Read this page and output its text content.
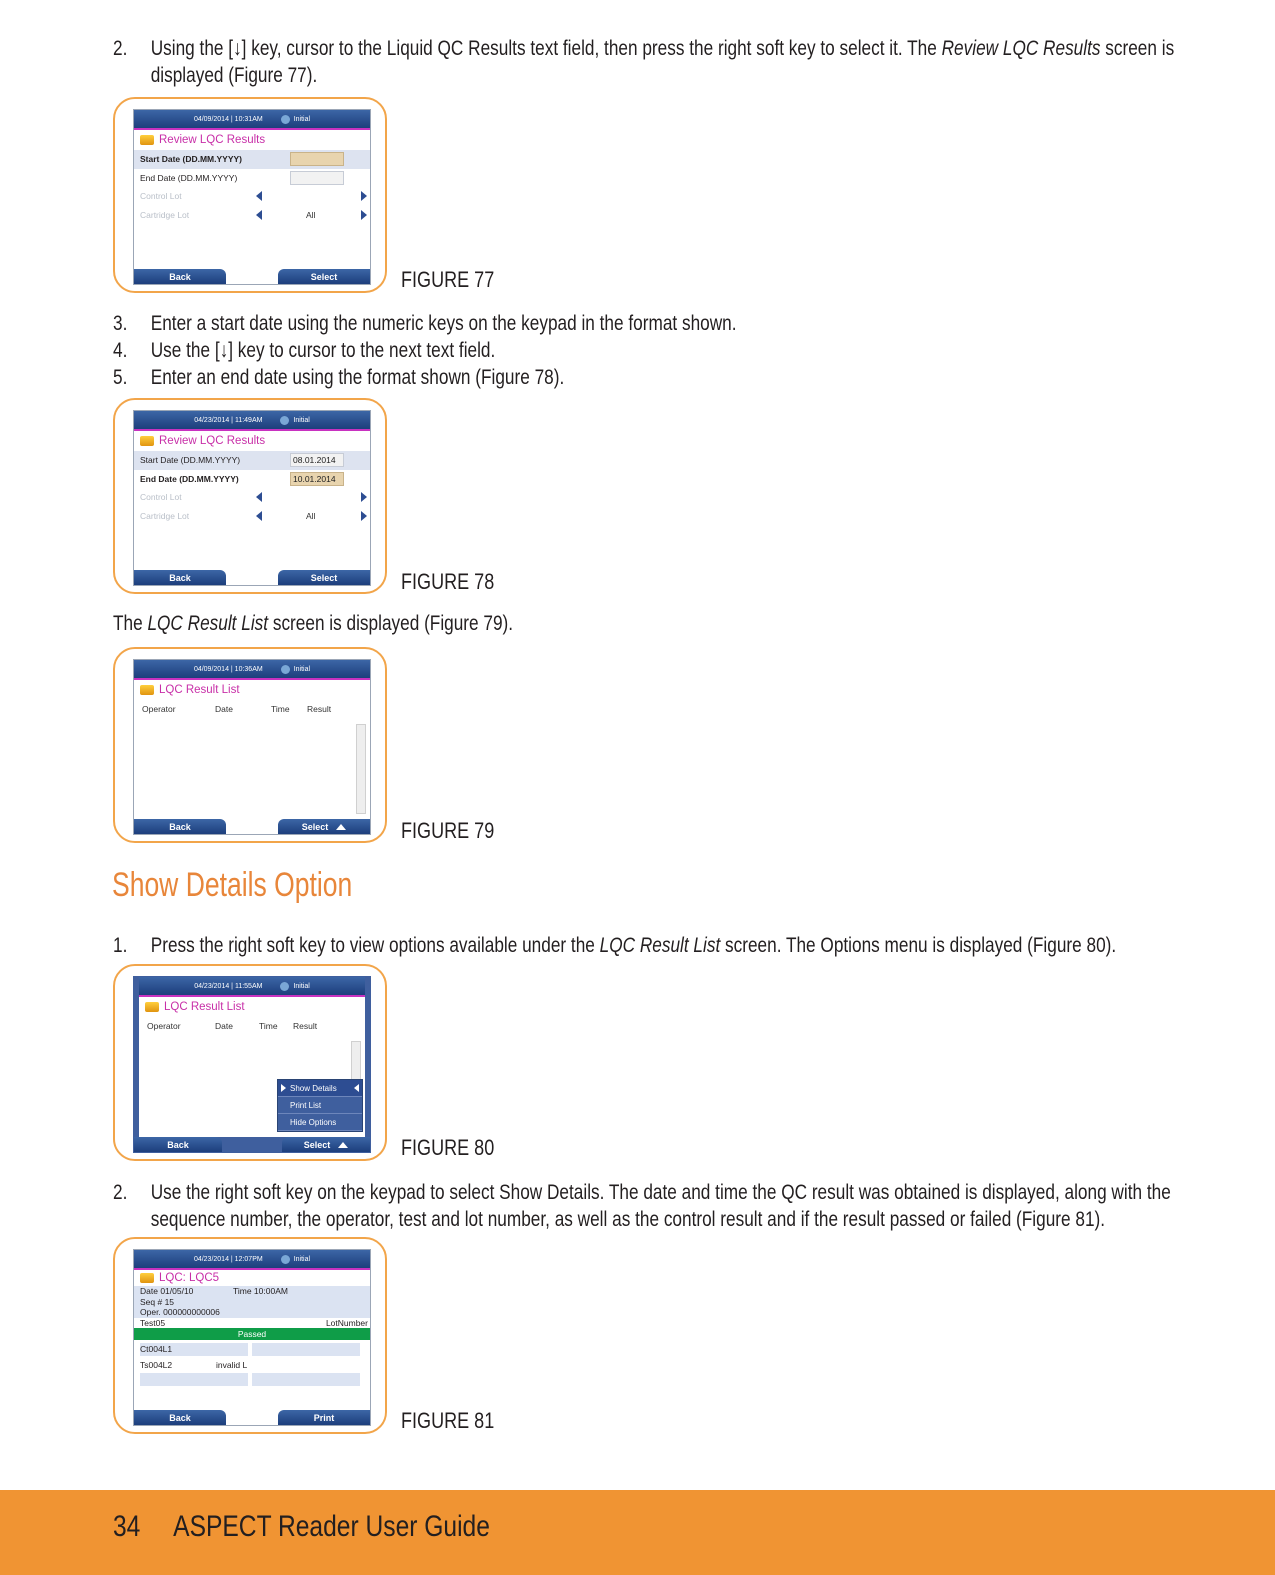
2. Using the [↓] key, cursor to the Liquid QC Results text field, then press the right soft key to select it. The Review LQC Results screen is
displayed (Figure 77).
04/09/2014 | 10:31AM	Initial
Review LQC Results
Start Date (DD.MM.YYYY)
End Date (DD.MM.YYYY)
Control Lot
Cartridge Lot	All
Back	Select	FIGURE 77
3. Enter a start date using the numeric keys on the keypad in the format shown.
4. Use the [↓] key to cursor to the next text field.
5. Enter an end date using the format shown (Figure 78).
04/23/2014 | 11:49AM	Initial
Review LQC Results
Start Date (DD.MM.YYYY)	08.01.2014
End Date (DD.MM.YYYY)	10.01.2014
Control Lot
Cartridge Lot	All
Back	Select	FIGURE 78
The LQC Result List screen is displayed (Figure 79).
04/09/2014 | 10:36AM	Initial
LQC Result List
Operator	Date	Time	Result
Back	Select	FIGURE 79
Show Details Option
1. Press the right soft key to view options available under the LQC Result List screen. The Options menu is displayed (Figure 80).
04/23/2014 | 11:55AM	Initial
LQC Result List
Operator	Date	Time	Result
Show Details
Print List
Hide Options
Back	Select	FIGURE 80
2. Use the right soft key on the keypad to select Show Details. The date and time the QC result was obtained is displayed, along with the
sequence number, the operator, test and lot number, as well as the control result and if the result passed or failed (Figure 81).
04/23/2014 | 12:07PM	Initial
LQC: LQC5
Date 01/05/10	Time 10:00AM
Seq # 15
Oper. 000000000006
Test05	LotNumber
Passed
Ct004L1
Ts004L2	invalid L
Back	Print	FIGURE 81
34 ASPECT Reader User Guide
